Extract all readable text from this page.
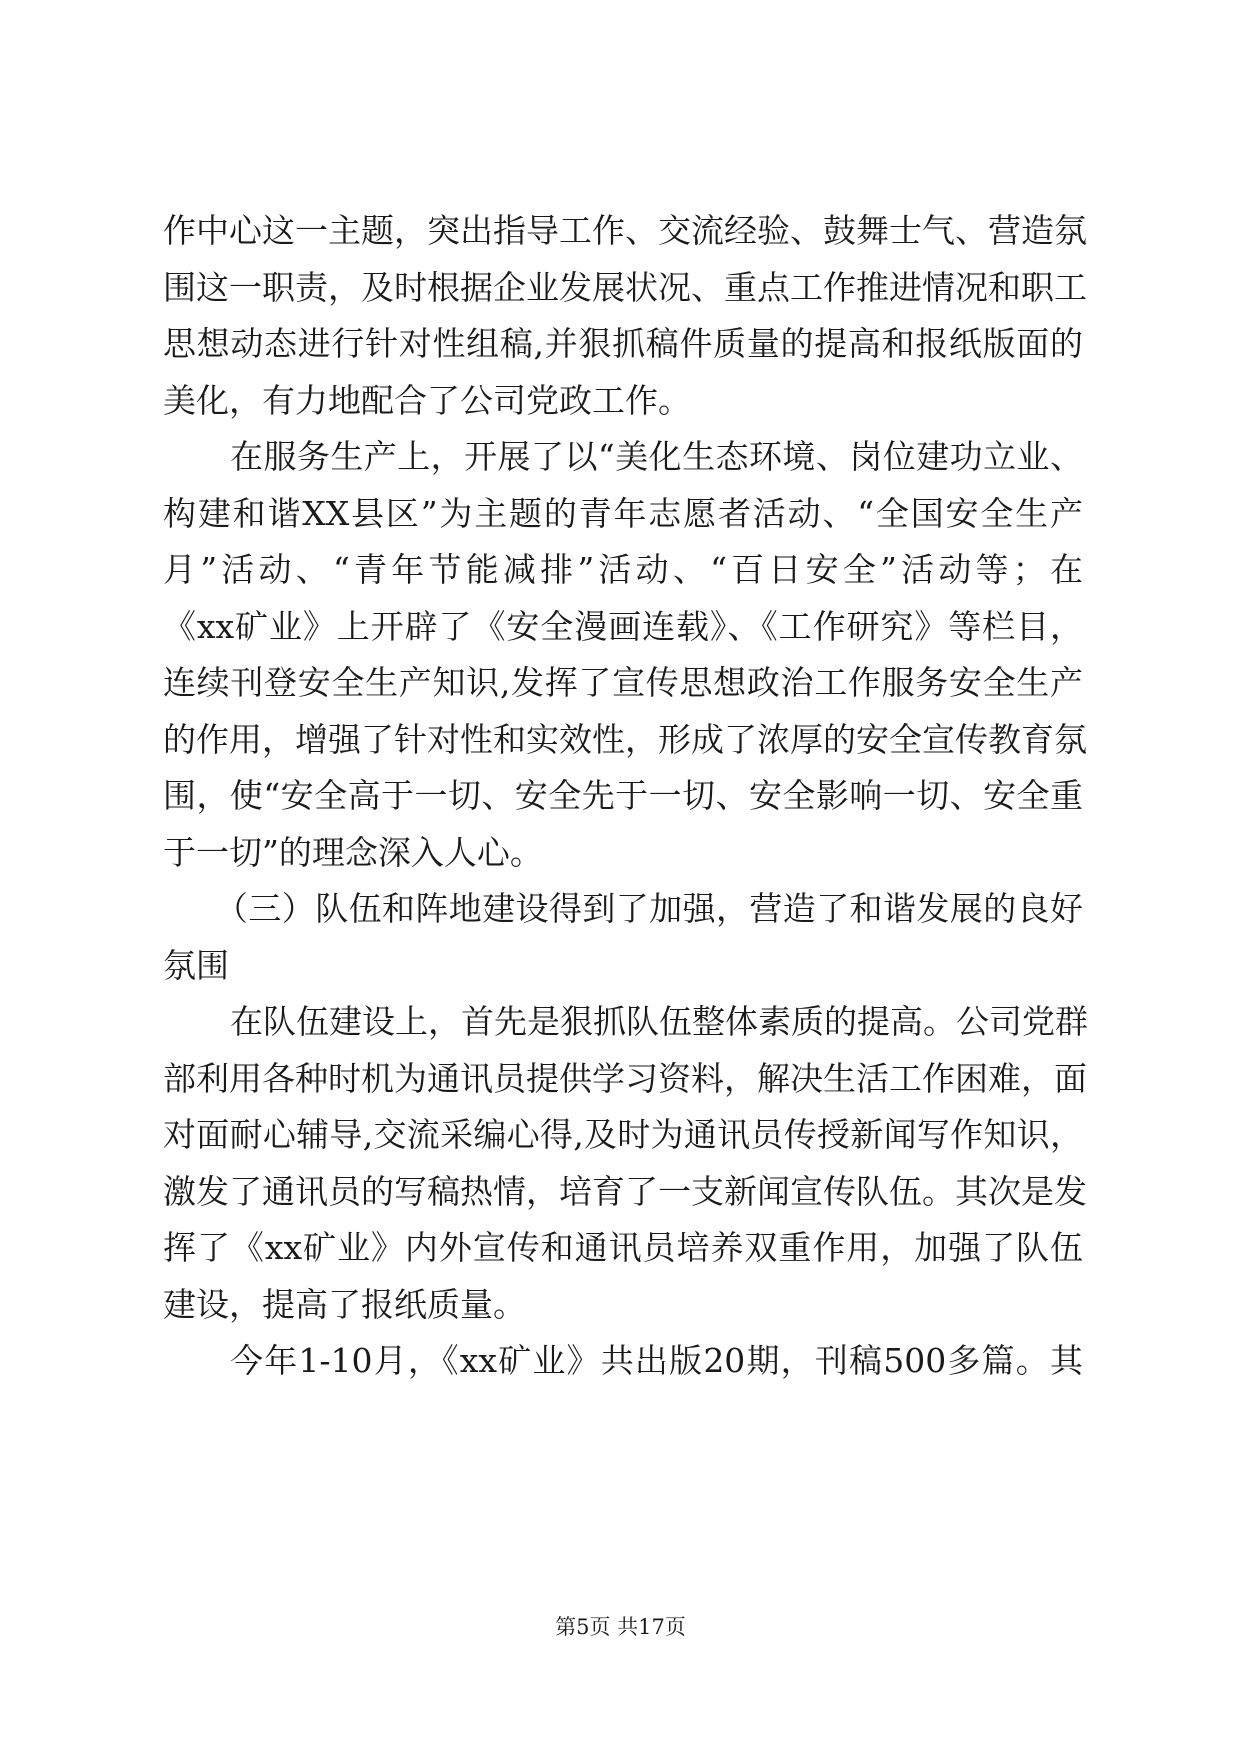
作中心这一主题，突出指导工作、交流经验、鼓舞士气、营造氛
围这一职责，及时根据企业发展状况、重点工作推进情况和职工
思想动态进行针对性组稿,并狠抓稿件质量的提高和报纸版面的
美化，有力地配合了公司党政工作。
在服务生产上，开展了以“美化生态环境、岗位建功立业、
构建和谐XX县区”为主题的青年志愿者活动、“全国安全生产
月”活动、“青年节能减排”活动、“百日安全”活动等；在
《xx矿业》上开辟了《安全漫画连载》、《工作研究》等栏目，
连续刊登安全生产知识,发挥了宣传思想政治工作服务安全生产
的作用，增强了针对性和实效性，形成了浓厚的安全宣传教育氛
围，使“安全高于一切、安全先于一切、安全影响一切、安全重
于一切”的理念深入人心。
（三）队伍和阵地建设得到了加强，营造了和谐发展的良好
氛围
在队伍建设上，首先是狠抓队伍整体素质的提高。公司党群
部利用各种时机为通讯员提供学习资料，解决生活工作困难，面
对面耐心辅导,交流采编心得,及时为通讯员传授新闻写作知识，
激发了通讯员的写稿热情，培育了一支新闻宣传队伍。其次是发
挥了《xx矿业》内外宣传和通讯员培养双重作用，加强了队伍
建设，提高了报纸质量。
今年1-10月，《xx矿业》共出版20期，刊稿500多篇。其
第5页 共17页
